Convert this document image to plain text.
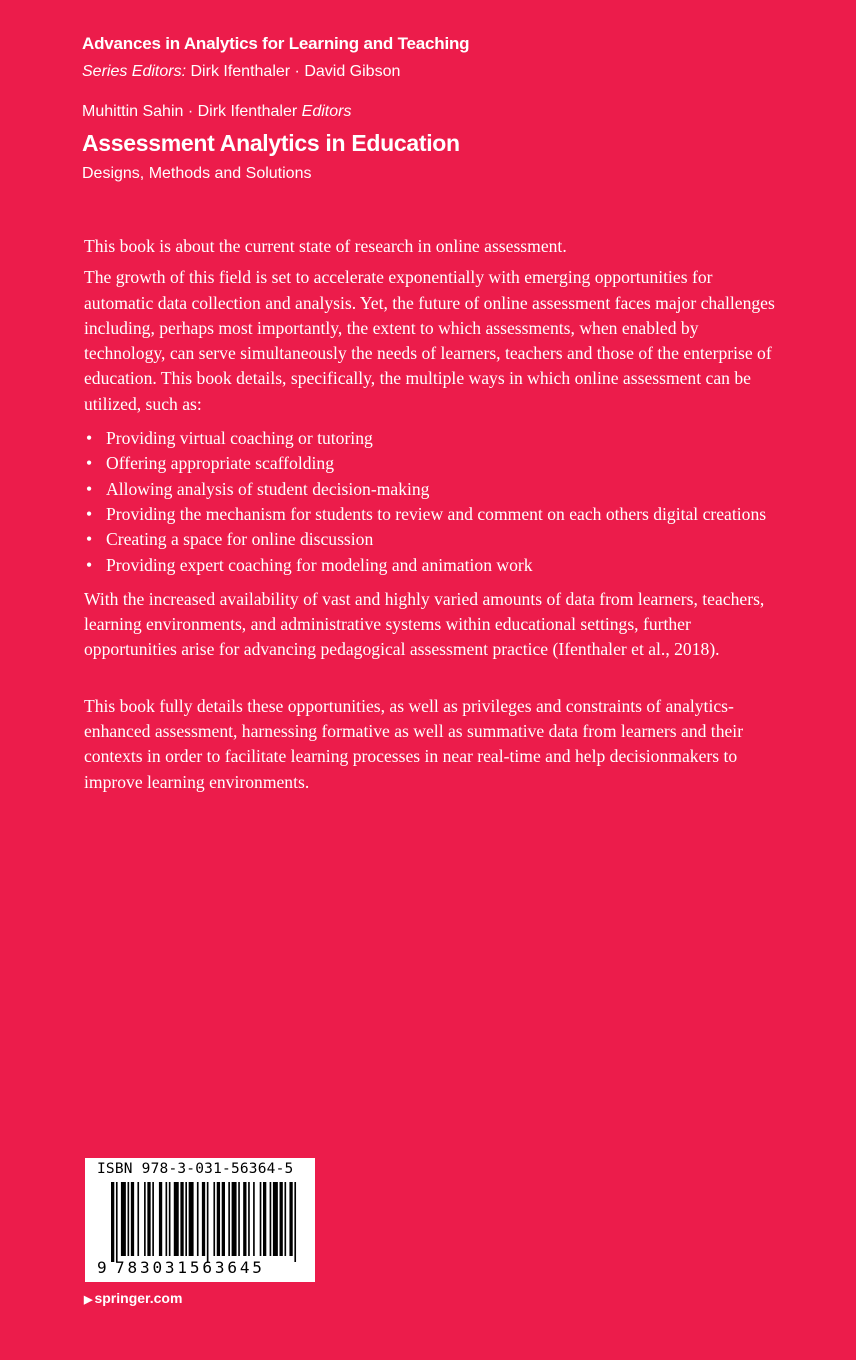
Advances in Analytics for Learning and Teaching
Series Editors: Dirk Ifenthaler · David Gibson
Muhittin Sahin · Dirk Ifenthaler Editors
Assessment Analytics in Education
Designs, Methods and Solutions

This book is about the current state of research in online assessment.

The growth of this field is set to accelerate exponentially with emerging opportunities for automatic data collection and analysis. Yet, the future of online assessment faces major challenges including, perhaps most importantly, the extent to which assessments, when enabled by technology, can serve simultaneously the needs of learners, teachers and those of the enterprise of education. This book details, specifically, the multiple ways in which online assessment can be utilized, such as:

• Providing virtual coaching or tutoring
• Offering appropriate scaffolding
• Allowing analysis of student decision-making
• Providing the mechanism for students to review and comment on each others digital creations
• Creating a space for online discussion
• Providing expert coaching for modeling and animation work

With the increased availability of vast and highly varied amounts of data from learners, teachers, learning environments, and administrative systems within educational settings, further opportunities arise for advancing pedagogical assessment practice (Ifenthaler et al., 2018).

This book fully details these opportunities, as well as privileges and constraints of analytics-enhanced assessment, harnessing formative as well as summative data from learners and their contexts in order to facilitate learning processes in near real-time and help decisionmakers to improve learning environments.

ISBN 978-3-031-56364-5
9 783031563645
▶ springer.com
